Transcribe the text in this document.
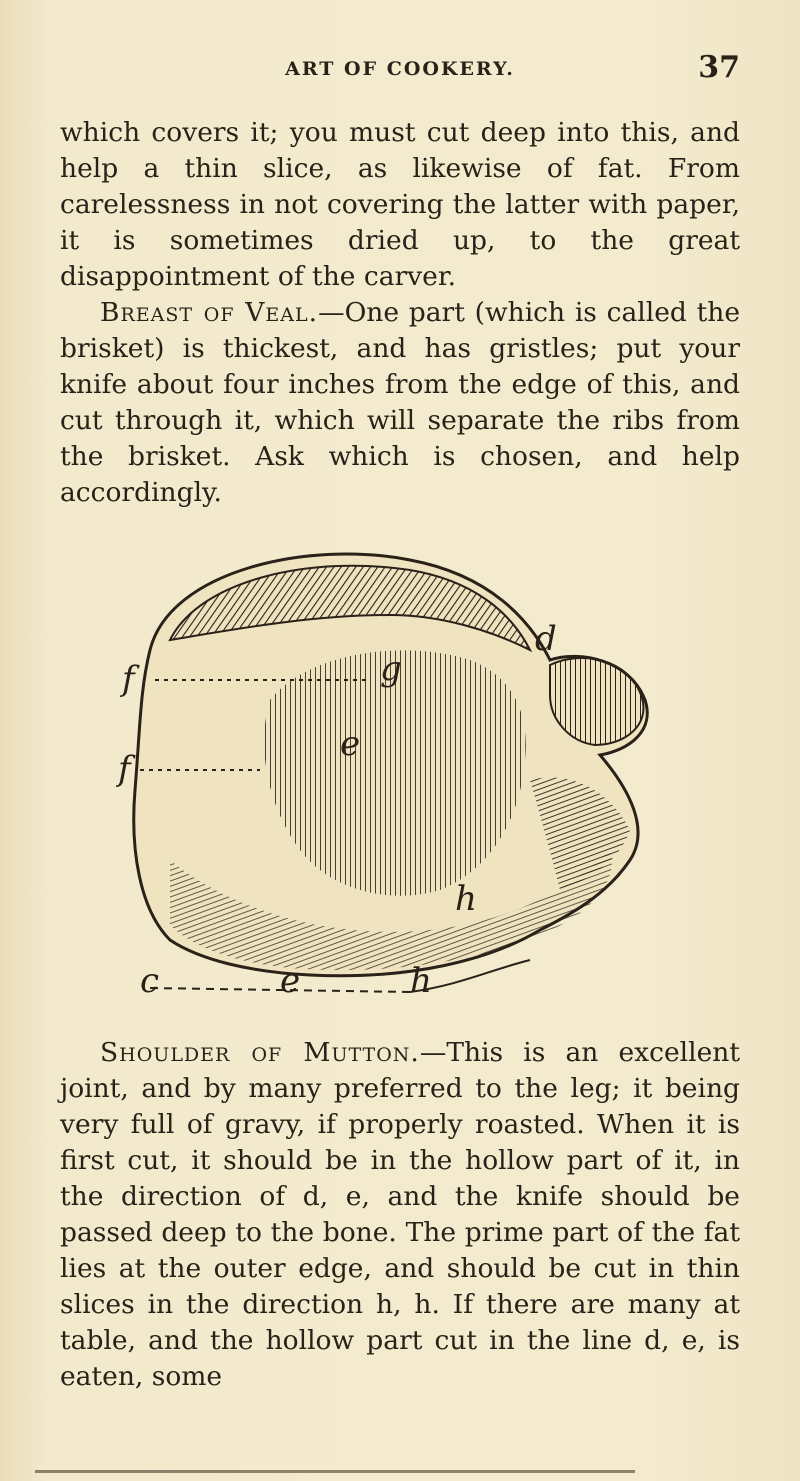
ART OF COOKERY.	37

which covers it; you must cut deep into this, and help a thin slice, as likewise of fat. From carelessness in not covering the latter with paper, it is sometimes dried up, to the great disappointment of the carver.

Breast of Veal.—One part (which is called the brisket) is thickest, and has gristles; put your knife about four inches from the edge of this, and cut through it, which will separate the ribs from the brisket. Ask which is chosen, and help accordingly.

f	g
f
d
e
h
c	e	h

Shoulder of Mutton.—This is an excellent joint, and by many preferred to the leg; it being very full of gravy, if properly roasted. When it is first cut, it should be in the hollow part of it, in the direction of d, e, and the knife should be passed deep to the bone. The prime part of the fat lies at the outer edge, and should be cut in thin slices in the direction h, h. If there are many at table, and the hollow part cut in the line d, e, is eaten, some
